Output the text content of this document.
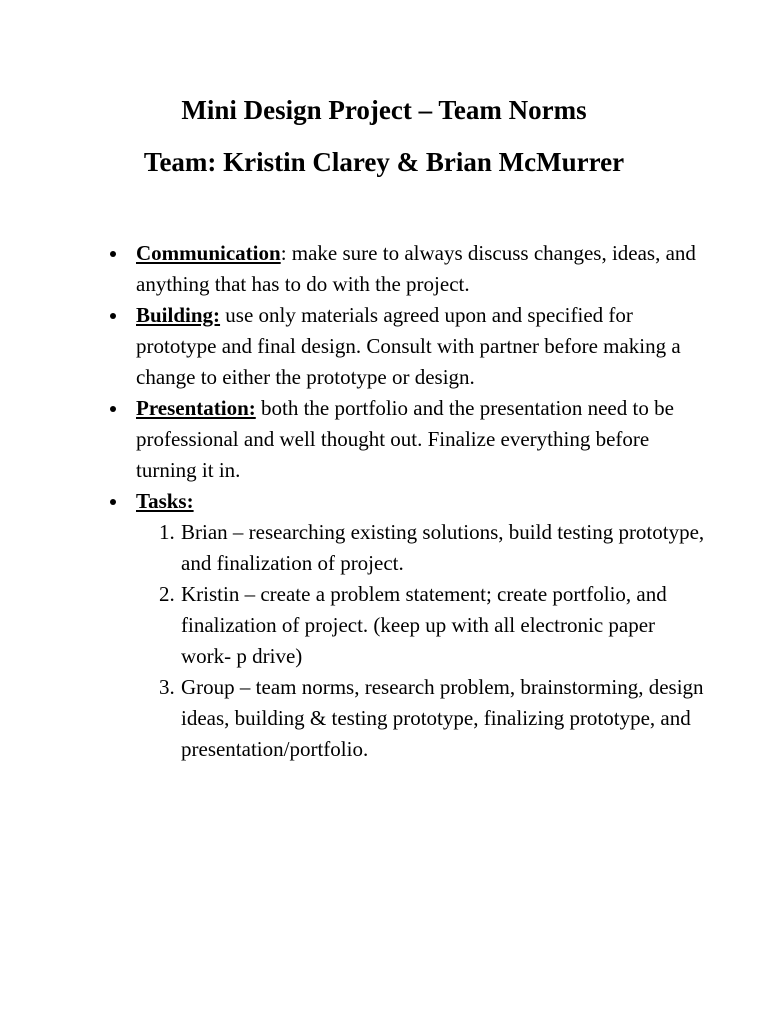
Mini Design Project – Team Norms
Team: Kristin Clarey & Brian McMurrer
Communication: make sure to always discuss changes, ideas, and anything that has to do with the project.
Building: use only materials agreed upon and specified for prototype and final design. Consult with partner before making a change to either the prototype or design.
Presentation: both the portfolio and the presentation need to be professional and well thought out. Finalize everything before turning it in.
Tasks:
1. Brian – researching existing solutions, build testing prototype, and finalization of project.
2. Kristin – create a problem statement; create portfolio, and finalization of project. (keep up with all electronic paper work- p drive)
3. Group – team norms, research problem, brainstorming, design ideas, building & testing prototype, finalizing prototype, and presentation/portfolio.
